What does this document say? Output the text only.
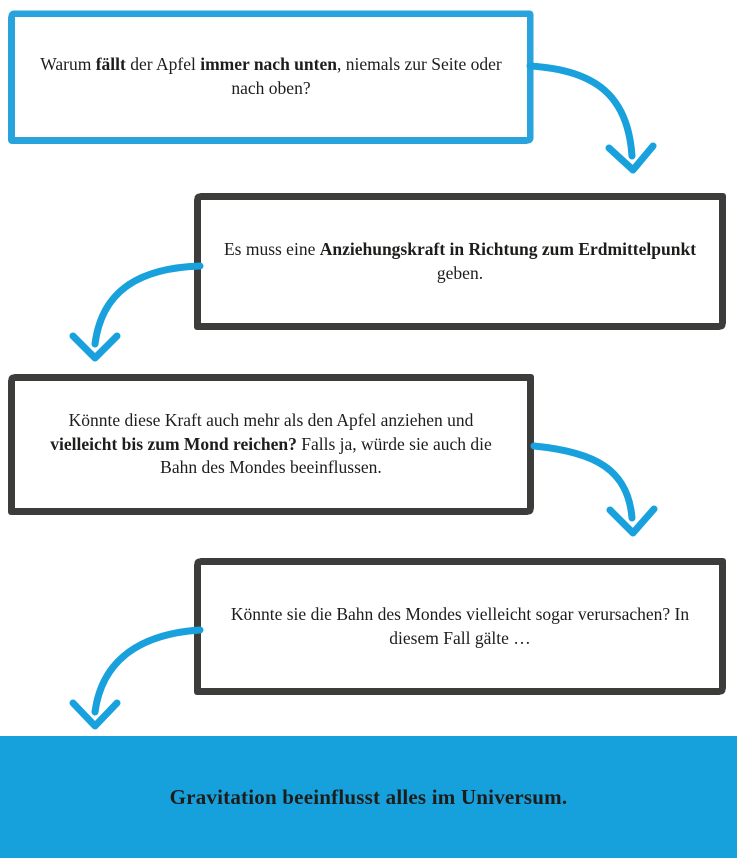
Warum fällt der Apfel immer nach unten, niemals zur Seite oder nach oben?
Es muss eine Anziehungskraft in Richtung zum Erdmittelpunkt geben.
Könnte diese Kraft auch mehr als den Apfel anziehen und vielleicht bis zum Mond reichen? Falls ja, würde sie auch die Bahn des Mondes beeinflussen.
Könnte sie die Bahn des Mondes vielleicht sogar verursachen? In diesem Fall gälte …
Gravitation beeinflusst alles im Universum.
